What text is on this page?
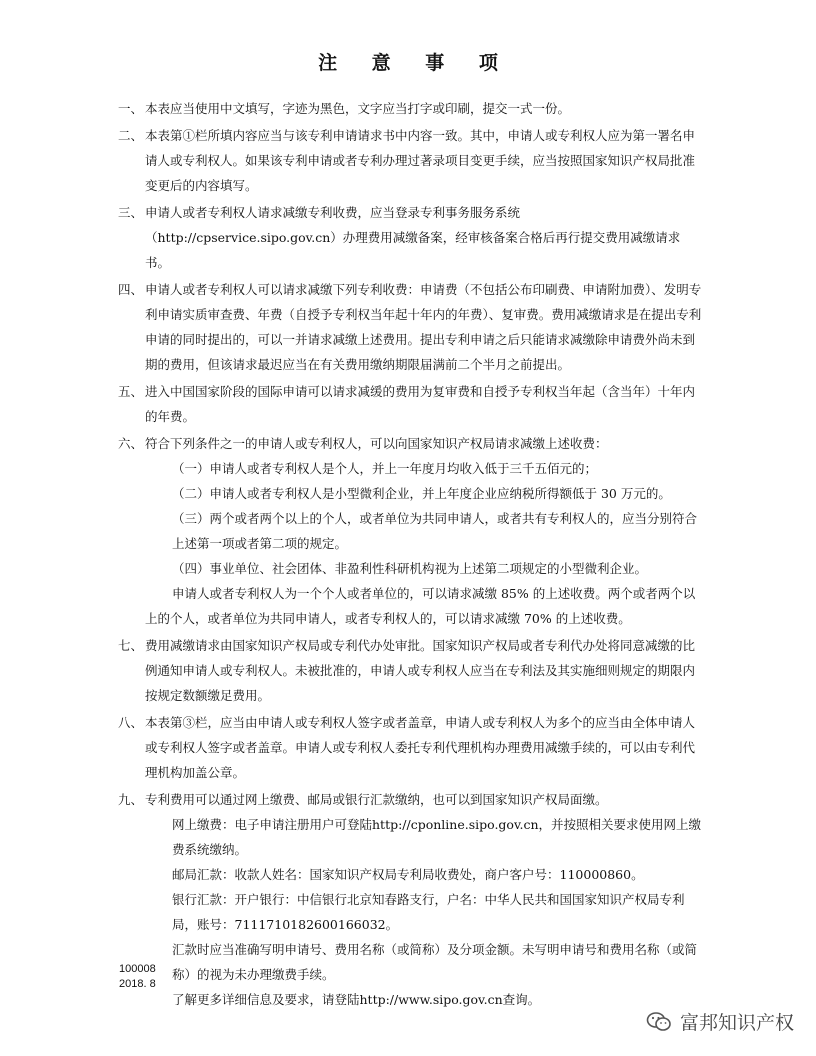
注 意 事 项
一、 本表应当使用中文填写，字迹为黑色，文字应当打字或印刷，提交一式一份。
二、 本表第①栏所填内容应当与该专利申请请求书中内容一致。其中，申请人或专利权人应为第一署名申请人或专利权人。如果该专利申请或者专利办理过著录项目变更手续，应当按照国家知识产权局批准变更后的内容填写。
三、 申请人或者专利权人请求减缴专利收费，应当登录专利事务服务系统（http://cpservice.sipo.gov.cn）办理费用减缴备案，经审核备案合格后再行提交费用减缴请求书。
四、 申请人或者专利权人可以请求减缴下列专利收费：申请费（不包括公布印刷费、申请附加费）、发明专利申请实质审查费、年费（自授予专利权当年起十年内的年费）、复审费。费用减缴请求是在提出专利申请的同时提出的，可以一并请求减缴上述费用。提出专利申请之后只能请求减缴除申请费外尚未到期的费用，但该请求最迟应当在有关费用缴纳期限届满前二个半月之前提出。
五、 进入中国国家阶段的国际申请可以请求减缓的费用为复审费和自授予专利权当年起（含当年）十年内的年费。
六、 符合下列条件之一的申请人或专利权人，可以向国家知识产权局请求减缴上述收费：
（一）申请人或者专利权人是个人，并上一年度月均收入低于三千五佰元的；
（二）申请人或者专利权人是小型微利企业，并上年度企业应纳税所得额低于 30 万元的。
（三）两个或者两个以上的个人，或者单位为共同申请人，或者共有专利权人的，应当分别符合上述第一项或者第二项的规定。
（四）事业单位、社会团体、非盈利性科研机构视为上述第二项规定的小型微利企业。
申请人或者专利权人为一个个人或者单位的，可以请求减缴 85% 的上述收费。两个或者两个以上的个人，或者单位为共同申请人，或者专利权人的，可以请求减缴 70% 的上述收费。
七、 费用减缴请求由国家知识产权局或专利代办处审批。国家知识产权局或者专利代办处将同意减缴的比例通知申请人或专利权人。未被批准的，申请人或专利权人应当在专利法及其实施细则规定的期限内按规定数额缴足费用。
八、 本表第③栏，应当由申请人或专利权人签字或者盖章，申请人或专利权人为多个的应当由全体申请人或专利权人签字或者盖章。申请人或专利权人委托专利代理机构办理费用减缴手续的，可以由专利代理机构加盖公章。
九、 专利费用可以通过网上缴费、邮局或银行汇款缴纳，也可以到国家知识产权局面缴。
网上缴费：电子申请注册用户可登陆http://cponline.sipo.gov.cn，并按照相关要求使用网上缴费系统缴纳。
邮局汇款：收款人姓名：国家知识产权局专利局收费处，商户客户号：110000860。
银行汇款：开户银行：中信银行北京知春路支行，户名：中华人民共和国国家知识产权局专利局，账号：7111710182600166032。
汇款时应当准确写明申请号、费用名称（或简称）及分项金额。未写明申请号和费用名称（或简称）的视为未办理缴费手续。
了解更多详细信息及要求，请登陆http://www.sipo.gov.cn查询。
100008
2018. 8
富邦知识产权
